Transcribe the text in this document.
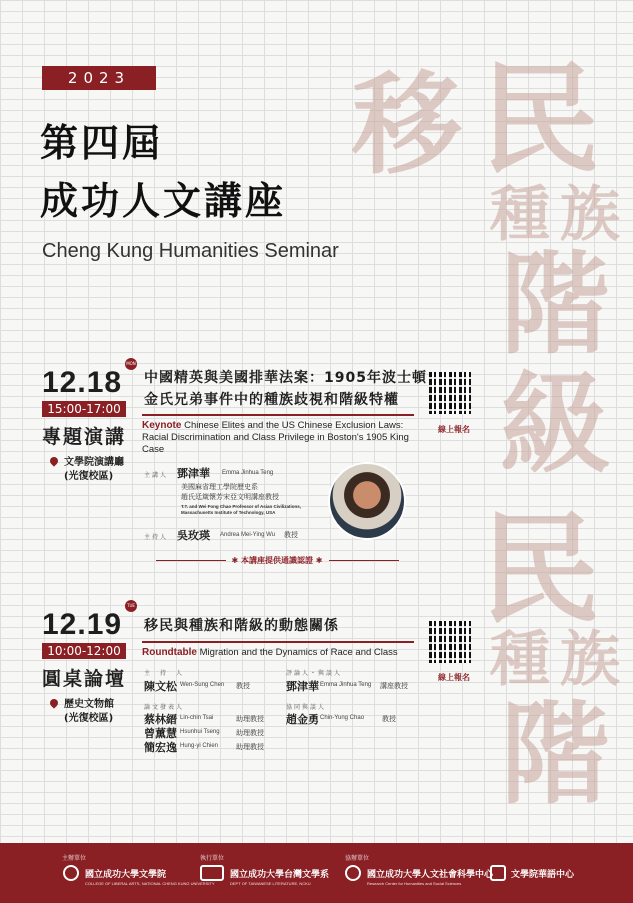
移 民
種 族
階
級
民
種 族
階
2023
第四屆
成功人文講座
Cheng Kung Humanities Seminar
12.18
MON
15:00-17:00
專題演講
文學院演講廳
(光復校區)
中國精英與美國排華法案：1905年波士頓
金氏兄弟事件中的種族歧視和階級特權
Keynote Chinese Elites and the US Chinese Exclusion Laws:
Racial Discrimination and Class Privilege in Boston's 1905 King Case
線上報名
主講人 鄧津華 Emma Jinhua Teng
美國麻省理工學院歷史系
趙氏廷箴懷芳宋亞文明講座教授
T.T. and Wei Fong Chao Professor of Asian Civilizations,
Massachusetts Institute of Technology, USA
主持人 吳玫瑛 Andrea Mei-Ying Wu 教授
✱ 本講座提供通識認證 ✱
12.19
TUE
10:00-12:00
圓桌論壇
歷史文物館
(光復校區)
移民與種族和階級的動態關係
Roundtable Migration and the Dynamics of Race and Class
線上報名
主　持　人
陳文松 Wen-Sung Chen 教授
評論人・與談人
鄧津華 Emma Jinhua Teng 講座教授
論文發表人
蔡林縉 Lin-chin Tsai	助理教授
曾薰慧 Hsunhui Tseng 助理教授
簡宏逸 Hung-yi Chien	助理教授
協同與談人
趙金勇 Chin-Yung Chao	教授
主辦單位
國立成功大學文學院
COLLEGE OF LIBERAL ARTS, NATIONAL CHENG KUNG UNIVERSITY
執行單位
國立成功大學台灣文學系
DEPT OF TAIWANESE LITERATURE, NCKU
協辦單位
國立成功大學人文社會科學中心
Research Center for Humanities and Social Sciences
文學院華語中心
